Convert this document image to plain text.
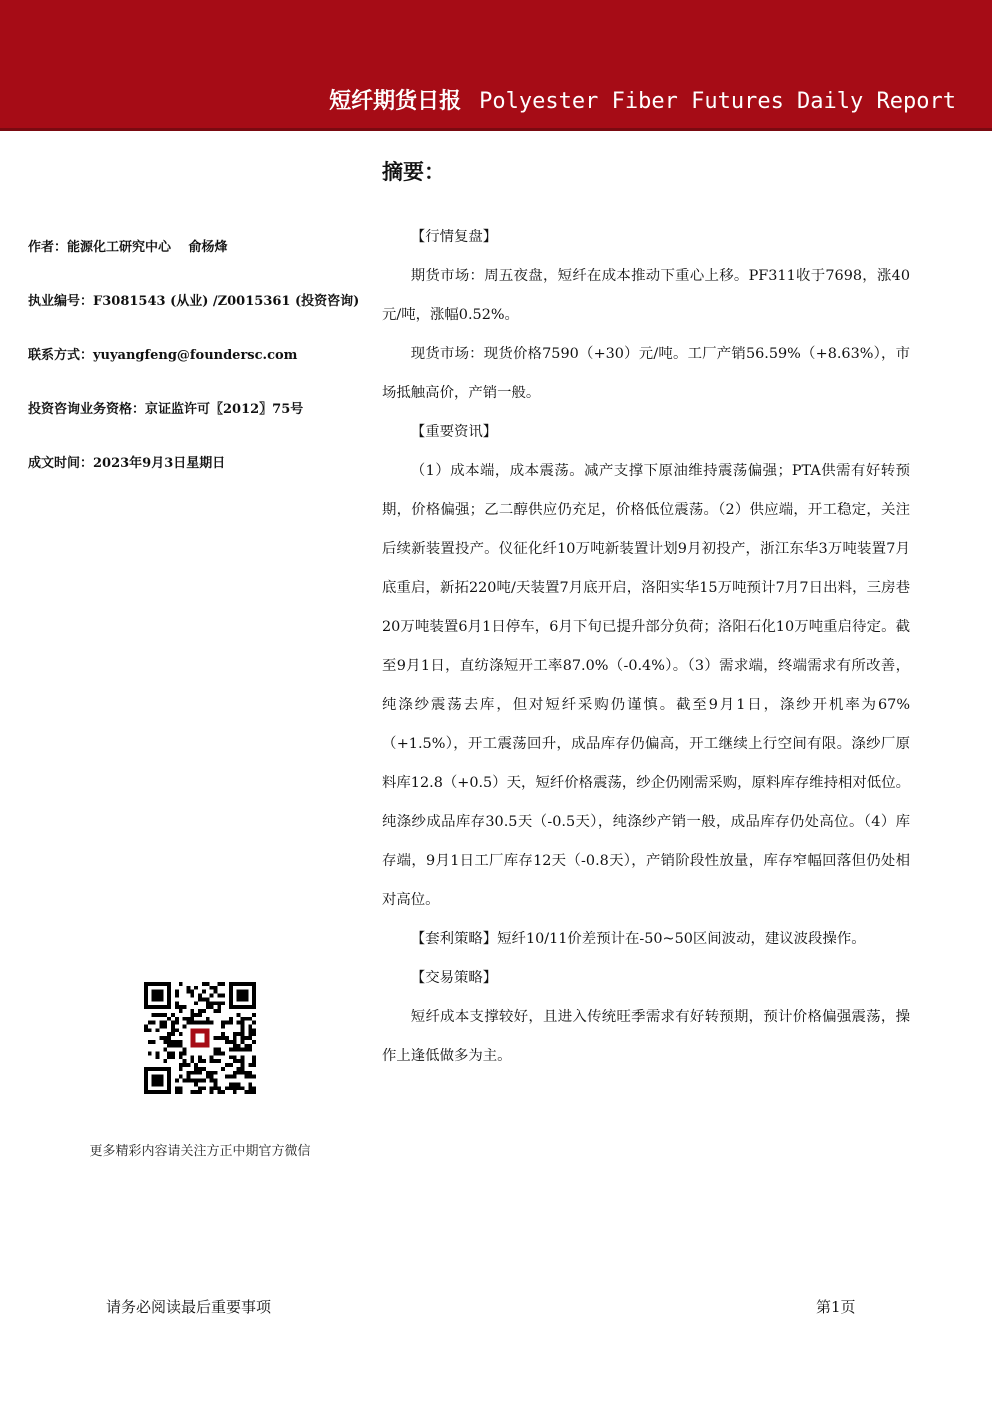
短纤期货日报 Polyester Fiber Futures Daily Report
摘要：
作者：能源化工研究中心　 俞杨烽
执业编号：F3081543 (从业) /Z0015361 (投资咨询)
联系方式：yuyangfeng@foundersc.com
投资咨询业务资格：京证监许可〖2012〗75号
成文时间：2023年9月3日星期日

【行情复盘】

期货市场：周五夜盘，短纤在成本推动下重心上移。PF311收于7698，涨40元/吨，涨幅0.52%。

现货市场：现货价格7590（+30）元/吨。工厂产销56.59%（+8.63%），市场抵触高价，产销一般。

【重要资讯】

（1）成本端，成本震荡。减产支撑下原油维持震荡偏强；PTA供需有好转预期，价格偏强；乙二醇供应仍充足，价格低位震荡。（2）供应端，开工稳定，关注后续新装置投产。仪征化纤10万吨新装置计划9月初投产，浙江东华3万吨装置7月底重启，新拓220吨/天装置7月底开启，洛阳实华15万吨预计7月7日出料，三房巷20万吨装置6月1日停车，6月下旬已提升部分负荷；洛阳石化10万吨重启待定。截至9月1日，直纺涤短开工率87.0%（-0.4%）。（3）需求端，终端需求有所改善，纯涤纱震荡去库，但对短纤采购仍谨慎。截至9月1日，涤纱开机率为67%（+1.5%），开工震荡回升，成品库存仍偏高，开工继续上行空间有限。涤纱厂原料库12.8（+0.5）天，短纤价格震荡，纱企仍刚需采购，原料库存维持相对低位。纯涤纱成品库存30.5天（-0.5天），纯涤纱产销一般，成品库存仍处高位。（4）库存端，9月1日工厂库存12天（-0.8天），产销阶段性放量，库存窄幅回落但仍处相对高位。

【套利策略】短纤10/11价差预计在-50~50区间波动，建议波段操作。

【交易策略】

短纤成本支撑较好，且进入传统旺季需求有好转预期，预计价格偏强震荡，操作上逢低做多为主。

更多精彩内容请关注方正中期官方微信
请务必阅读最后重要事项	第1页
